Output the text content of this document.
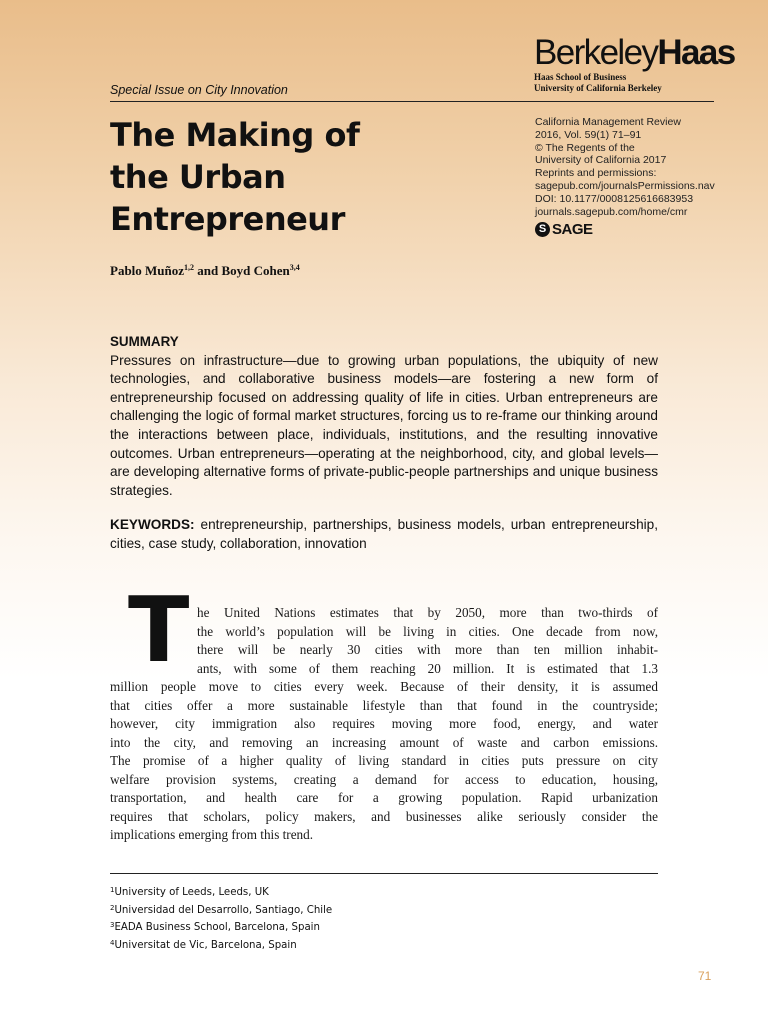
BerkeleyHaas
Haas School of Business
University of California Berkeley
Special Issue on City Innovation
The Making of
the Urban
Entrepreneur
California Management Review
2016, Vol. 59(1) 71–91
© The Regents of the
University of California 2017
Reprints and permissions:
sagepub.com/journalsPermissions.nav
DOI: 10.1177/0008125616683953
journals.sagepub.com/home/cmr
S SAGE
Pablo Muñoz$^{1,2}$ and Boyd Cohen$^{3,4}$
SUMMARY
Pressures on infrastructure—due to growing urban populations, the ubiquity of new technologies, and collaborative business models—are fostering a new form of entrepreneurship focused on addressing quality of life in cities. Urban entrepreneurs are challenging the logic of formal market structures, forcing us to re-frame our thinking around the interactions between place, individuals, institutions, and the resulting innovative outcomes. Urban entrepreneurs—operating at the neighborhood, city, and global levels—are developing alternative forms of private-public-people partnerships and unique business strategies.
KEYWORDS: entrepreneurship, partnerships, business models, urban entrepreneurship, cities, case study, collaboration, innovation
T he United Nations estimates that by 2050, more than two-thirds of
the world’s population will be living in cities. One decade from now,
there will be nearly 30 cities with more than ten million inhabit-
ants, with some of them reaching 20 million. It is estimated that 1.3
million people move to cities every week. Because of their density, it is assumed
that cities offer a more sustainable lifestyle than that found in the countryside;
however, city immigration also requires moving more food, energy, and water
into the city, and removing an increasing amount of waste and carbon emissions.
The promise of a higher quality of living standard in cities puts pressure on city
welfare provision systems, creating a demand for access to education, housing,
transportation, and health care for a growing population. Rapid urbanization
requires that scholars, policy makers, and businesses alike seriously consider the
implications emerging from this trend.
$^1$University of Leeds, Leeds, UK
$^2$Universidad del Desarrollo, Santiago, Chile
$^3$EADA Business School, Barcelona, Spain
$^4$Universitat de Vic, Barcelona, Spain
71
